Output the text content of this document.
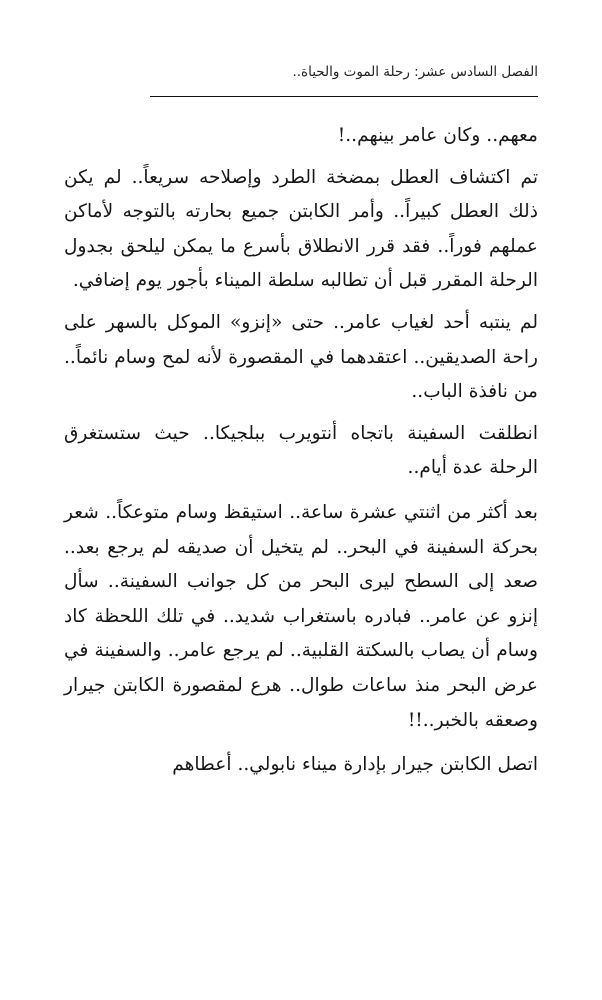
الفصل السادس عشر: رحلة الموت والحياة..

معهم.. وكان عامر بينهم..!

تم اكتشاف العطل بمضخة الطرد وإصلاحه سريعاً.. لم يكن ذلك العطل كبيراً.. وأمر الكابتن جميع بحارته بالتوجه لأماكن عملهم فوراً.. فقد قرر الانطلاق بأسرع ما يمكن ليلحق بجدول الرحلة المقرر قبل أن تطالبه سلطة الميناء بأجور يوم إضافي.

لم ينتبه أحد لغياب عامر.. حتى «إنزو» الموكل بالسهر على راحة الصديقين.. اعتقدهما في المقصورة لأنه لمح وسام نائماً.. من نافذة الباب..

انطلقت السفينة باتجاه أنتويرب ببلجيكا.. حيث ستستغرق الرحلة عدة أيام..

بعد أكثر من اثنتي عشرة ساعة.. استيقظ وسام متوعكاً.. شعر بحركة السفينة في البحر.. لم يتخيل أن صديقه لم يرجع بعد.. صعد إلى السطح ليرى البحر من كل جوانب السفينة.. سأل إنزو عن عامر.. فبادره باستغراب شديد.. في تلك اللحظة كاد وسام أن يصاب بالسكتة القلبية.. لم يرجع عامر.. والسفينة في عرض البحر منذ ساعات طوال.. هرع لمقصورة الكابتن جيرار وصعقه بالخبر..!!

اتصل الكابتن جيرار بإدارة ميناء نابولي.. أعطاهم
